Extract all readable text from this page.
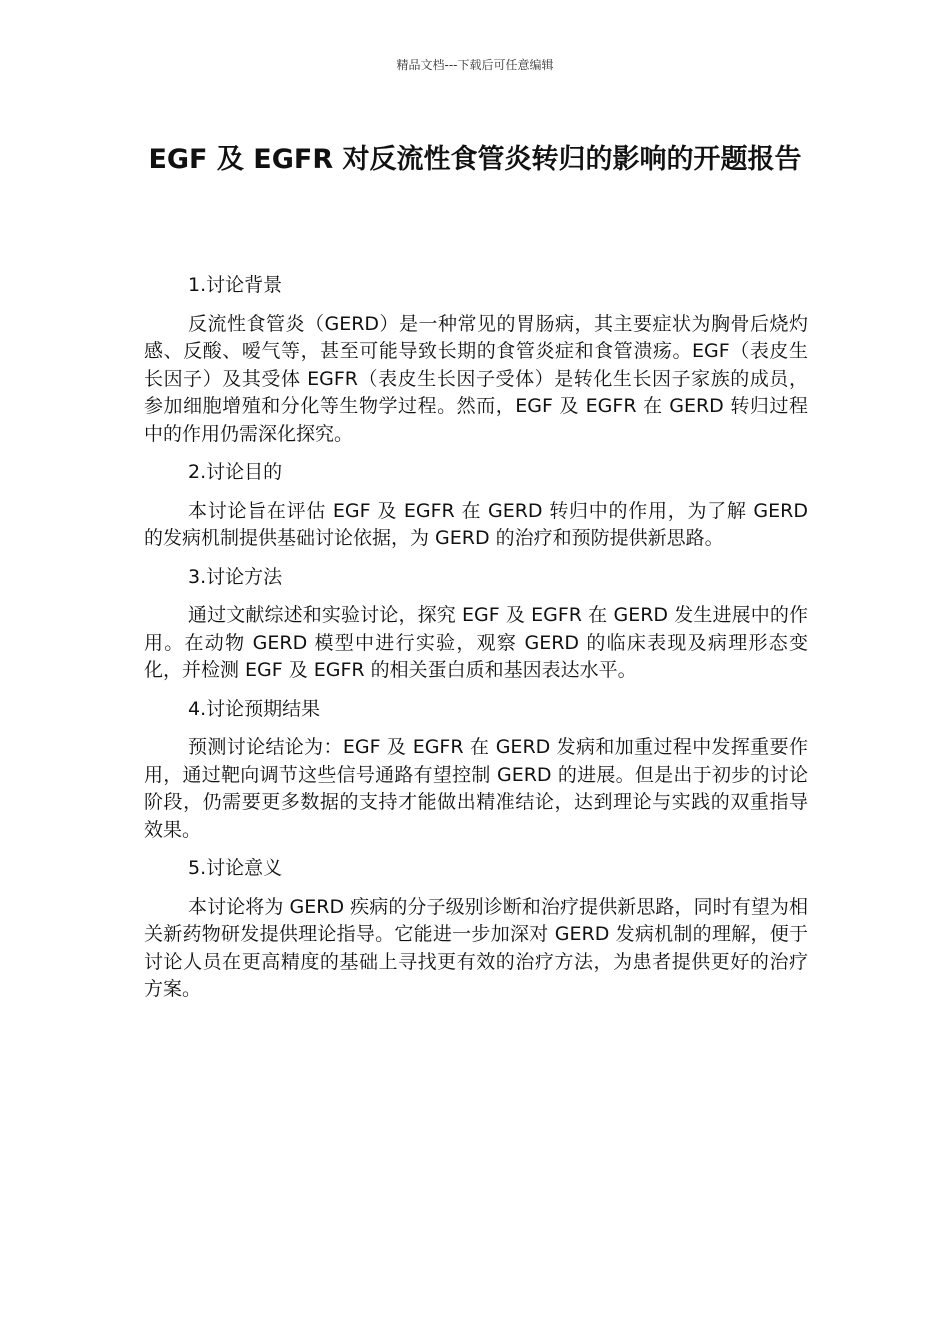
精品文档---下载后可任意编辑
EGF 及 EGFR 对反流性食管炎转归的影响的开题报告

1.讨论背景

反流性食管炎（GERD）是一种常见的胃肠病，其主要症状为胸骨后烧灼感、反酸、嗳气等，甚至可能导致长期的食管炎症和食管溃疡。EGF（表皮生长因子）及其受体 EGFR（表皮生长因子受体）是转化生长因子家族的成员，参加细胞增殖和分化等生物学过程。然而，EGF 及 EGFR 在 GERD 转归过程中的作用仍需深化探究。

2.讨论目的

本讨论旨在评估 EGF 及 EGFR 在 GERD 转归中的作用，为了解 GERD 的发病机制提供基础讨论依据，为 GERD 的治疗和预防提供新思路。

3.讨论方法

通过文献综述和实验讨论，探究 EGF 及 EGFR 在 GERD 发生进展中的作用。在动物 GERD 模型中进行实验，观察 GERD 的临床表现及病理形态变化，并检测 EGF 及 EGFR 的相关蛋白质和基因表达水平。

4.讨论预期结果

预测讨论结论为：EGF 及 EGFR 在 GERD 发病和加重过程中发挥重要作用，通过靶向调节这些信号通路有望控制 GERD 的进展。但是出于初步的讨论阶段，仍需要更多数据的支持才能做出精准结论，达到理论与实践的双重指导效果。

5.讨论意义

本讨论将为 GERD 疾病的分子级别诊断和治疗提供新思路，同时有望为相关新药物研发提供理论指导。它能进一步加深对 GERD 发病机制的理解，便于讨论人员在更高精度的基础上寻找更有效的治疗方法，为患者提供更好的治疗方案。
